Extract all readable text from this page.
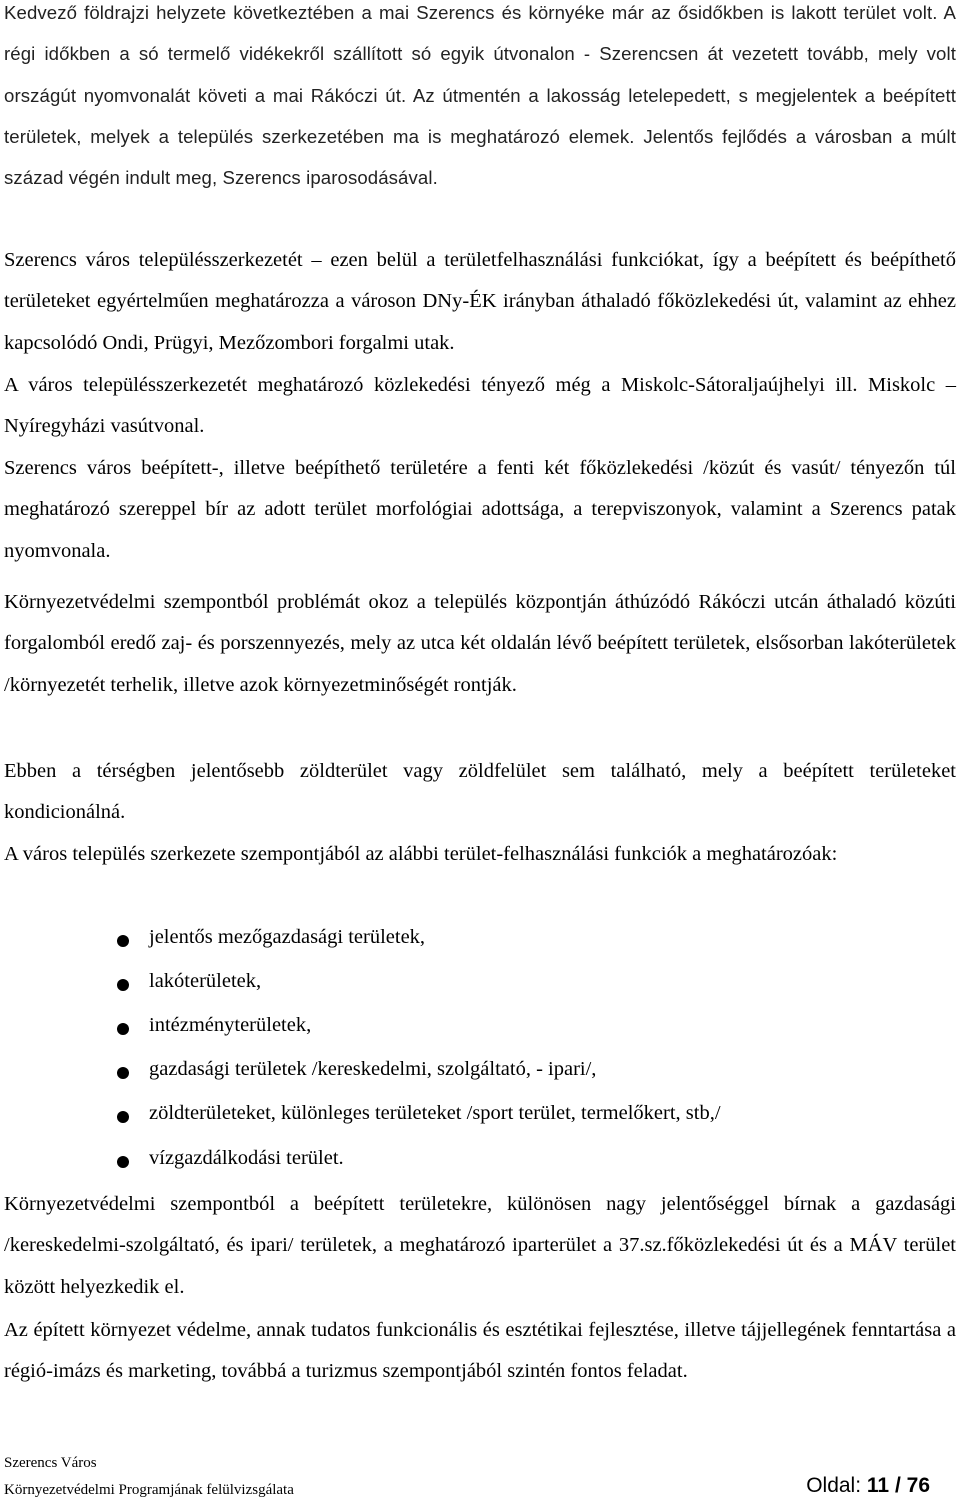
Kedvező földrajzi helyzete következtében a mai Szerencs és környéke már az ősidőkben is lakott terület volt. A régi időkben a só termelő vidékekről szállított só egyik útvonalon - Szerencsen át vezetett tovább, mely volt országút nyomvonalát követi a mai Rákóczi út. Az útmentén a lakosság letelepedett, s megjelentek a beépített területek, melyek a település szerkezetében ma is meghatározó elemek. Jelentős fejlődés a városban a múlt század végén indult meg, Szerencs iparosodásával.

Szerencs város településszerkezetét – ezen belül a területfelhasználási funkciókat, így a beépített és beépíthető területeket egyértelműen meghatározza a városon DNy-ÉK irányban áthaladó főközlekedési út, valamint az ehhez kapcsolódó Ondi, Prügyi, Mezőzombori forgalmi utak.

A város településszerkezetét meghatározó közlekedési tényező még a Miskolc-Sátoraljaújhelyi ill. Miskolc – Nyíregyházi vasútvonal.

Szerencs város beépített-, illetve beépíthető területére a fenti két főközlekedési /közút és vasút/ tényezőn túl meghatározó szereppel bír az adott terület morfológiai adottsága, a terepviszonyok, valamint a Szerencs patak nyomvonala.

Környezetvédelmi szempontból problémát okoz a település központján áthúzódó Rákóczi utcán áthaladó közúti forgalomból eredő zaj- és porszennyezés, mely az utca két oldalán lévő beépített területek, elsősorban lakóterületek /környezetét terhelik, illetve azok környezetminőségét rontják.

Ebben a térségben jelentősebb zöldterület vagy zöldfelület sem található, mely a beépített területeket kondicionálná.

A város település szerkezete szempontjából az alábbi terület-felhasználási funkciók a meghatározóak:

jelentős mezőgazdasági területek,
lakóterületek,
intézményterületek,
gazdasági területek /kereskedelmi, szolgáltató, - ipari/,
zöldterületeket, különleges területeket /sport terület, termelőkert, stb,/
vízgazdálkodási terület.

Környezetvédelmi szempontból a beépített területekre, különösen nagy jelentőséggel bírnak a gazdasági /kereskedelmi-szolgáltató, és ipari/ területek, a meghatározó iparterület a 37.sz.főközlekedési út és a MÁV terület között helyezkedik el.

Az épített környezet védelme, annak tudatos funkcionális és esztétikai fejlesztése, illetve tájjellegének fenntartása a régió-imázs és marketing, továbbá a turizmus szempontjából szintén fontos feladat.

Szerencs Város
Környezetvédelmi Programjának felülvizsgálata	Oldal: 11 / 76
